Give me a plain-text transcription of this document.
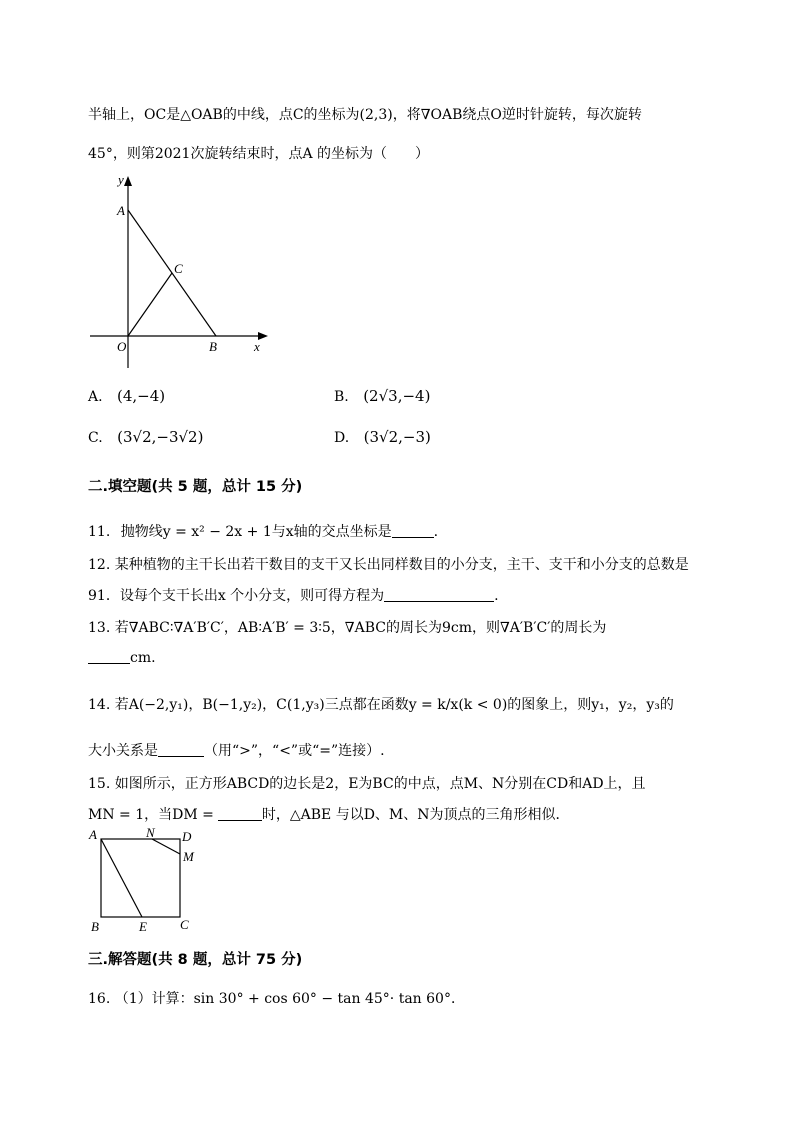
半轴上，OC是△OAB的中线，点C的坐标为(2,3)，将∇OAB绕点O逆时针旋转，每次旋转
45°，则第2021次旋转结束时，点A 的坐标为（　　）
y
A
C
O	B	x
A. (4,−4)	B. (2√3,−4)
C. (3√2,−3√2)	D. (3√2,−3)
二.填空题(共 5 题，总计 15 分)
11. 抛物线y = x² − 2x + 1与x轴的交点坐标是	.
12. 某种植物的主干长出若干数目的支干又长出同样数目的小分支，主干、支干和小分支的总数是
91．设每个支干长出x 个小分支，则可得方程为	.
13. 若∇ABC∶∇A′B′C′，AB∶A′B′ = 3∶5，∇ABC的周长为9cm，则∇A′B′C′的周长为
cm.
14. 若A(−2,y₁)，B(−1,y₂)，C(1,y₃)三点都在函数y = k/x(k < 0)的图象上，则y₁，y₂，y₃的
大小关系是	（用“>”，“<”或“=”连接）.
15. 如图所示，正方形ABCD的边长是2，E为BC的中点，点M、N分别在CD和AD上，且
MN = 1，当DM =	时，△ABE 与以D、M、N为顶点的三角形相似．
A	N D
M
B	E	C
三.解答题(共 8 题，总计 75 分)
16. （1）计算：sin 30° + cos 60° − tan 45°· tan 60°．
